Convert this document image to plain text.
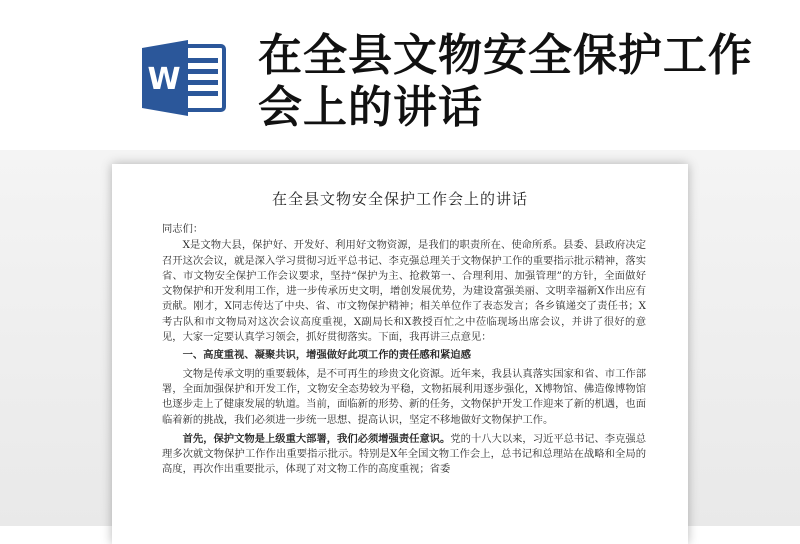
W 在全县文物安全保护工作会上的讲话
在全县文物安全保护工作会上的讲话

同志们：

X是文物大县，保护好、开发好、利用好文物资源，是我们的职责所在、使命所系。县委、县政府决定召开这次会议，就是深入学习贯彻习近平总书记、李克强总理关于文物保护工作的重要指示批示精神，落实省、市文物安全保护工作会议要求，坚持“保护为主、抢救第一、合理利用、加强管理”的方针，全面做好文物保护和开发利用工作，进一步传承历史文明，增创发展优势，为建设富强美丽、文明幸福新X作出应有贡献。刚才，X同志传达了中央、省、市文物保护精神；相关单位作了表态发言；各乡镇递交了责任书；X考古队和市文物局对这次会议高度重视，X副局长和X教授百忙之中莅临现场出席会议，并讲了很好的意见，大家一定要认真学习领会，抓好贯彻落实。下面，我再讲三点意见：

一、高度重视、凝聚共识，增强做好此项工作的责任感和紧迫感

文物是传承文明的重要载体，是不可再生的珍贵文化资源。近年来，我县认真落实国家和省、市工作部署，全面加强保护和开发工作，文物安全态势较为平稳，文物拓展利用逐步强化，X博物馆、佛造像博物馆也逐步走上了健康发展的轨道。当前，面临新的形势、新的任务，文物保护开发工作迎来了新的机遇，也面临着新的挑战，我们必须进一步统一思想、提高认识，坚定不移地做好文物保护工作。

首先，保护文物是上级重大部署，我们必须增强责任意识。党的十八大以来，习近平总书记、李克强总理多次就文物保护工作作出重要指示批示。特别是X年全国文物工作会上，总书记和总理站在战略和全局的高度，再次作出重要批示，体现了对文物工作的高度重视；省委
